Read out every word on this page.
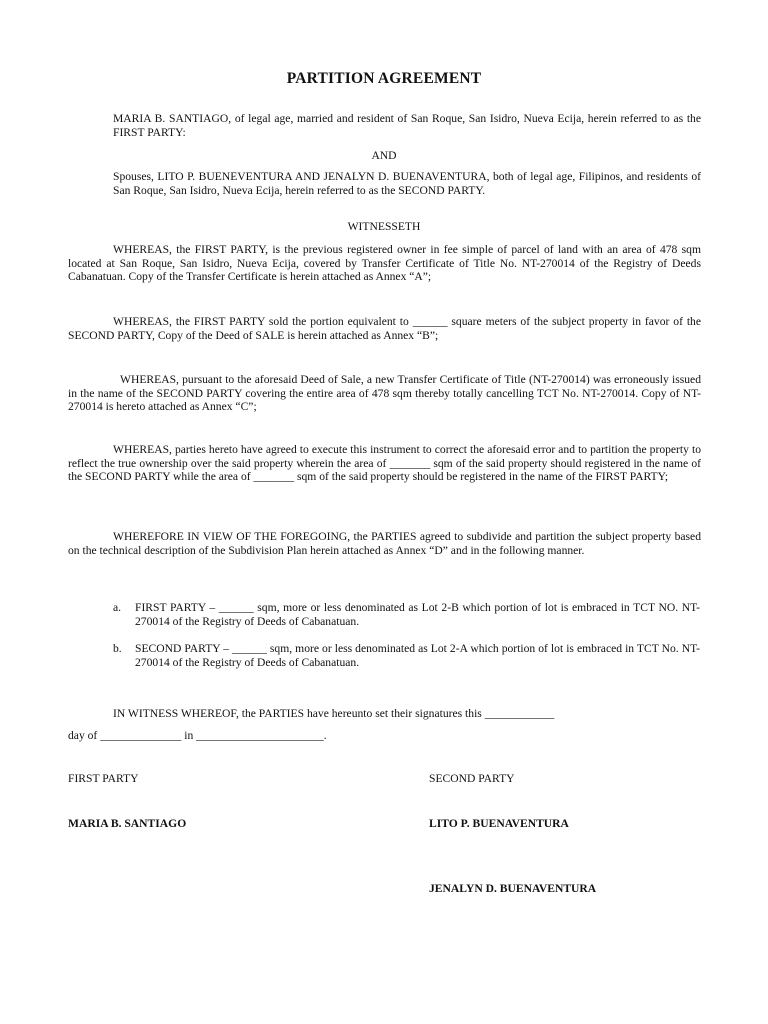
PARTITION AGREEMENT

MARIA B. SANTIAGO, of legal age, married and resident of San Roque, San Isidro, Nueva Ecija, herein referred to as the FIRST PARTY:

AND

Spouses, LITO P. BUENEVENTURA AND JENALYN D. BUENAVENTURA, both of legal age, Filipinos, and residents of San Roque, San Isidro, Nueva Ecija, herein referred to as the SECOND PARTY.

WITNESSETH

WHEREAS, the FIRST PARTY, is the previous registered owner in fee simple of parcel of land with an area of 478 sqm located at San Roque, San Isidro, Nueva Ecija, covered by Transfer Certificate of Title No. NT-270014 of the Registry of Deeds Cabanatuan. Copy of the Transfer Certificate is herein attached as Annex “A”;

WHEREAS, the FIRST PARTY sold the portion equivalent to ______ square meters of the subject property in favor of the SECOND PARTY, Copy of the Deed of SALE is herein attached as Annex “B”;

WHEREAS, pursuant to the aforesaid Deed of Sale, a new Transfer Certificate of Title (NT-270014) was erroneously issued in the name of the SECOND PARTY covering the entire area of 478 sqm thereby totally cancelling TCT No. NT-270014. Copy of NT-270014 is hereto attached as Annex “C”;

WHEREAS, parties hereto have agreed to execute this instrument to correct the aforesaid error and to partition the property to reflect the true ownership over the said property wherein the area of _______ sqm of the said property should registered in the name of the SECOND PARTY while the area of _______ sqm of the said property should be registered in the name of the FIRST PARTY;

WHEREFORE IN VIEW OF THE FOREGOING, the PARTIES agreed to subdivide and partition the subject property based on the technical description of the Subdivision Plan herein attached as Annex “D” and in the following manner.

a. FIRST PARTY – ______ sqm, more or less denominated as Lot 2-B which portion of lot is embraced in TCT NO. NT-270014 of the Registry of Deeds of Cabanatuan.
b. SECOND PARTY – ______ sqm, more or less denominated as Lot 2-A which portion of lot is embraced in TCT No. NT-270014 of the Registry of Deeds of Cabanatuan.
IN WITNESS WHEREOF, the PARTIES have hereunto set their signatures this ____________
day of ______________ in ______________________.
FIRST PARTY	SECOND PARTY
MARIA B. SANTIAGO	LITO P. BUENAVENTURA
JENALYN D. BUENAVENTURA
